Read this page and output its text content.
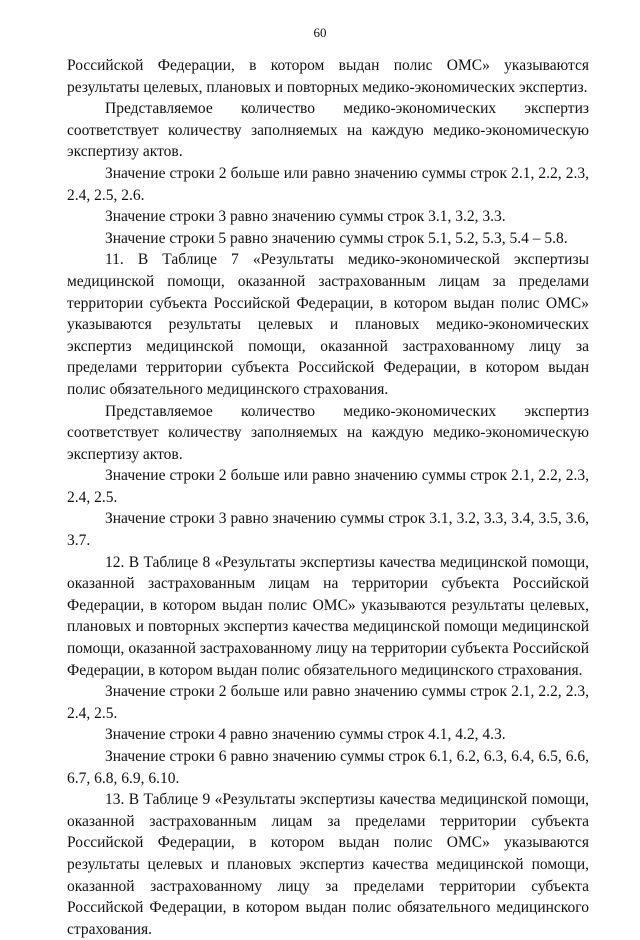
60

Российской Федерации, в котором выдан полис ОМС» указываются результаты целевых, плановых и повторных медико-экономических экспертиз.

Представляемое количество медико-экономических экспертиз соответствует количеству заполняемых на каждую медико-экономическую экспертизу актов.

Значение строки 2 больше или равно значению суммы строк 2.1, 2.2, 2.3, 2.4, 2.5, 2.6.

Значение строки 3 равно значению суммы строк 3.1, 3.2, 3.3.

Значение строки 5 равно значению суммы строк 5.1, 5.2, 5.3, 5.4 – 5.8.

11. В Таблице 7 «Результаты медико-экономической экспертизы медицинской помощи, оказанной застрахованным лицам за пределами территории субъекта Российской Федерации, в котором выдан полис ОМС» указываются результаты целевых и плановых медико-экономических экспертиз медицинской помощи, оказанной застрахованному лицу за пределами территории субъекта Российской Федерации, в котором выдан полис обязательного медицинского страхования.

Представляемое количество медико-экономических экспертиз соответствует количеству заполняемых на каждую медико-экономическую экспертизу актов.

Значение строки 2 больше или равно значению суммы строк 2.1, 2.2, 2.3, 2.4, 2.5.

Значение строки 3 равно значению суммы строк 3.1, 3.2, 3.3, 3.4, 3.5, 3.6, 3.7.

12. В Таблице 8 «Результаты экспертизы качества медицинской помощи, оказанной застрахованным лицам на территории субъекта Российской Федерации, в котором выдан полис ОМС» указываются результаты целевых, плановых и повторных экспертиз качества медицинской помощи медицинской помощи, оказанной застрахованному лицу на территории субъекта Российской Федерации, в котором выдан полис обязательного медицинского страхования.

Значение строки 2 больше или равно значению суммы строк 2.1, 2.2, 2.3, 2.4, 2.5.

Значение строки 4 равно значению суммы строк 4.1, 4.2, 4.3.

Значение строки 6 равно значению суммы строк 6.1, 6.2, 6.3, 6.4, 6.5, 6.6, 6.7, 6.8, 6.9, 6.10.

13. В Таблице 9 «Результаты экспертизы качества медицинской помощи, оказанной застрахованным лицам за пределами территории субъекта Российской Федерации, в котором выдан полис ОМС» указываются результаты целевых и плановых экспертиз качества медицинской помощи, оказанной застрахованному лицу за пределами территории субъекта Российской Федерации, в котором выдан полис обязательного медицинского страхования.
